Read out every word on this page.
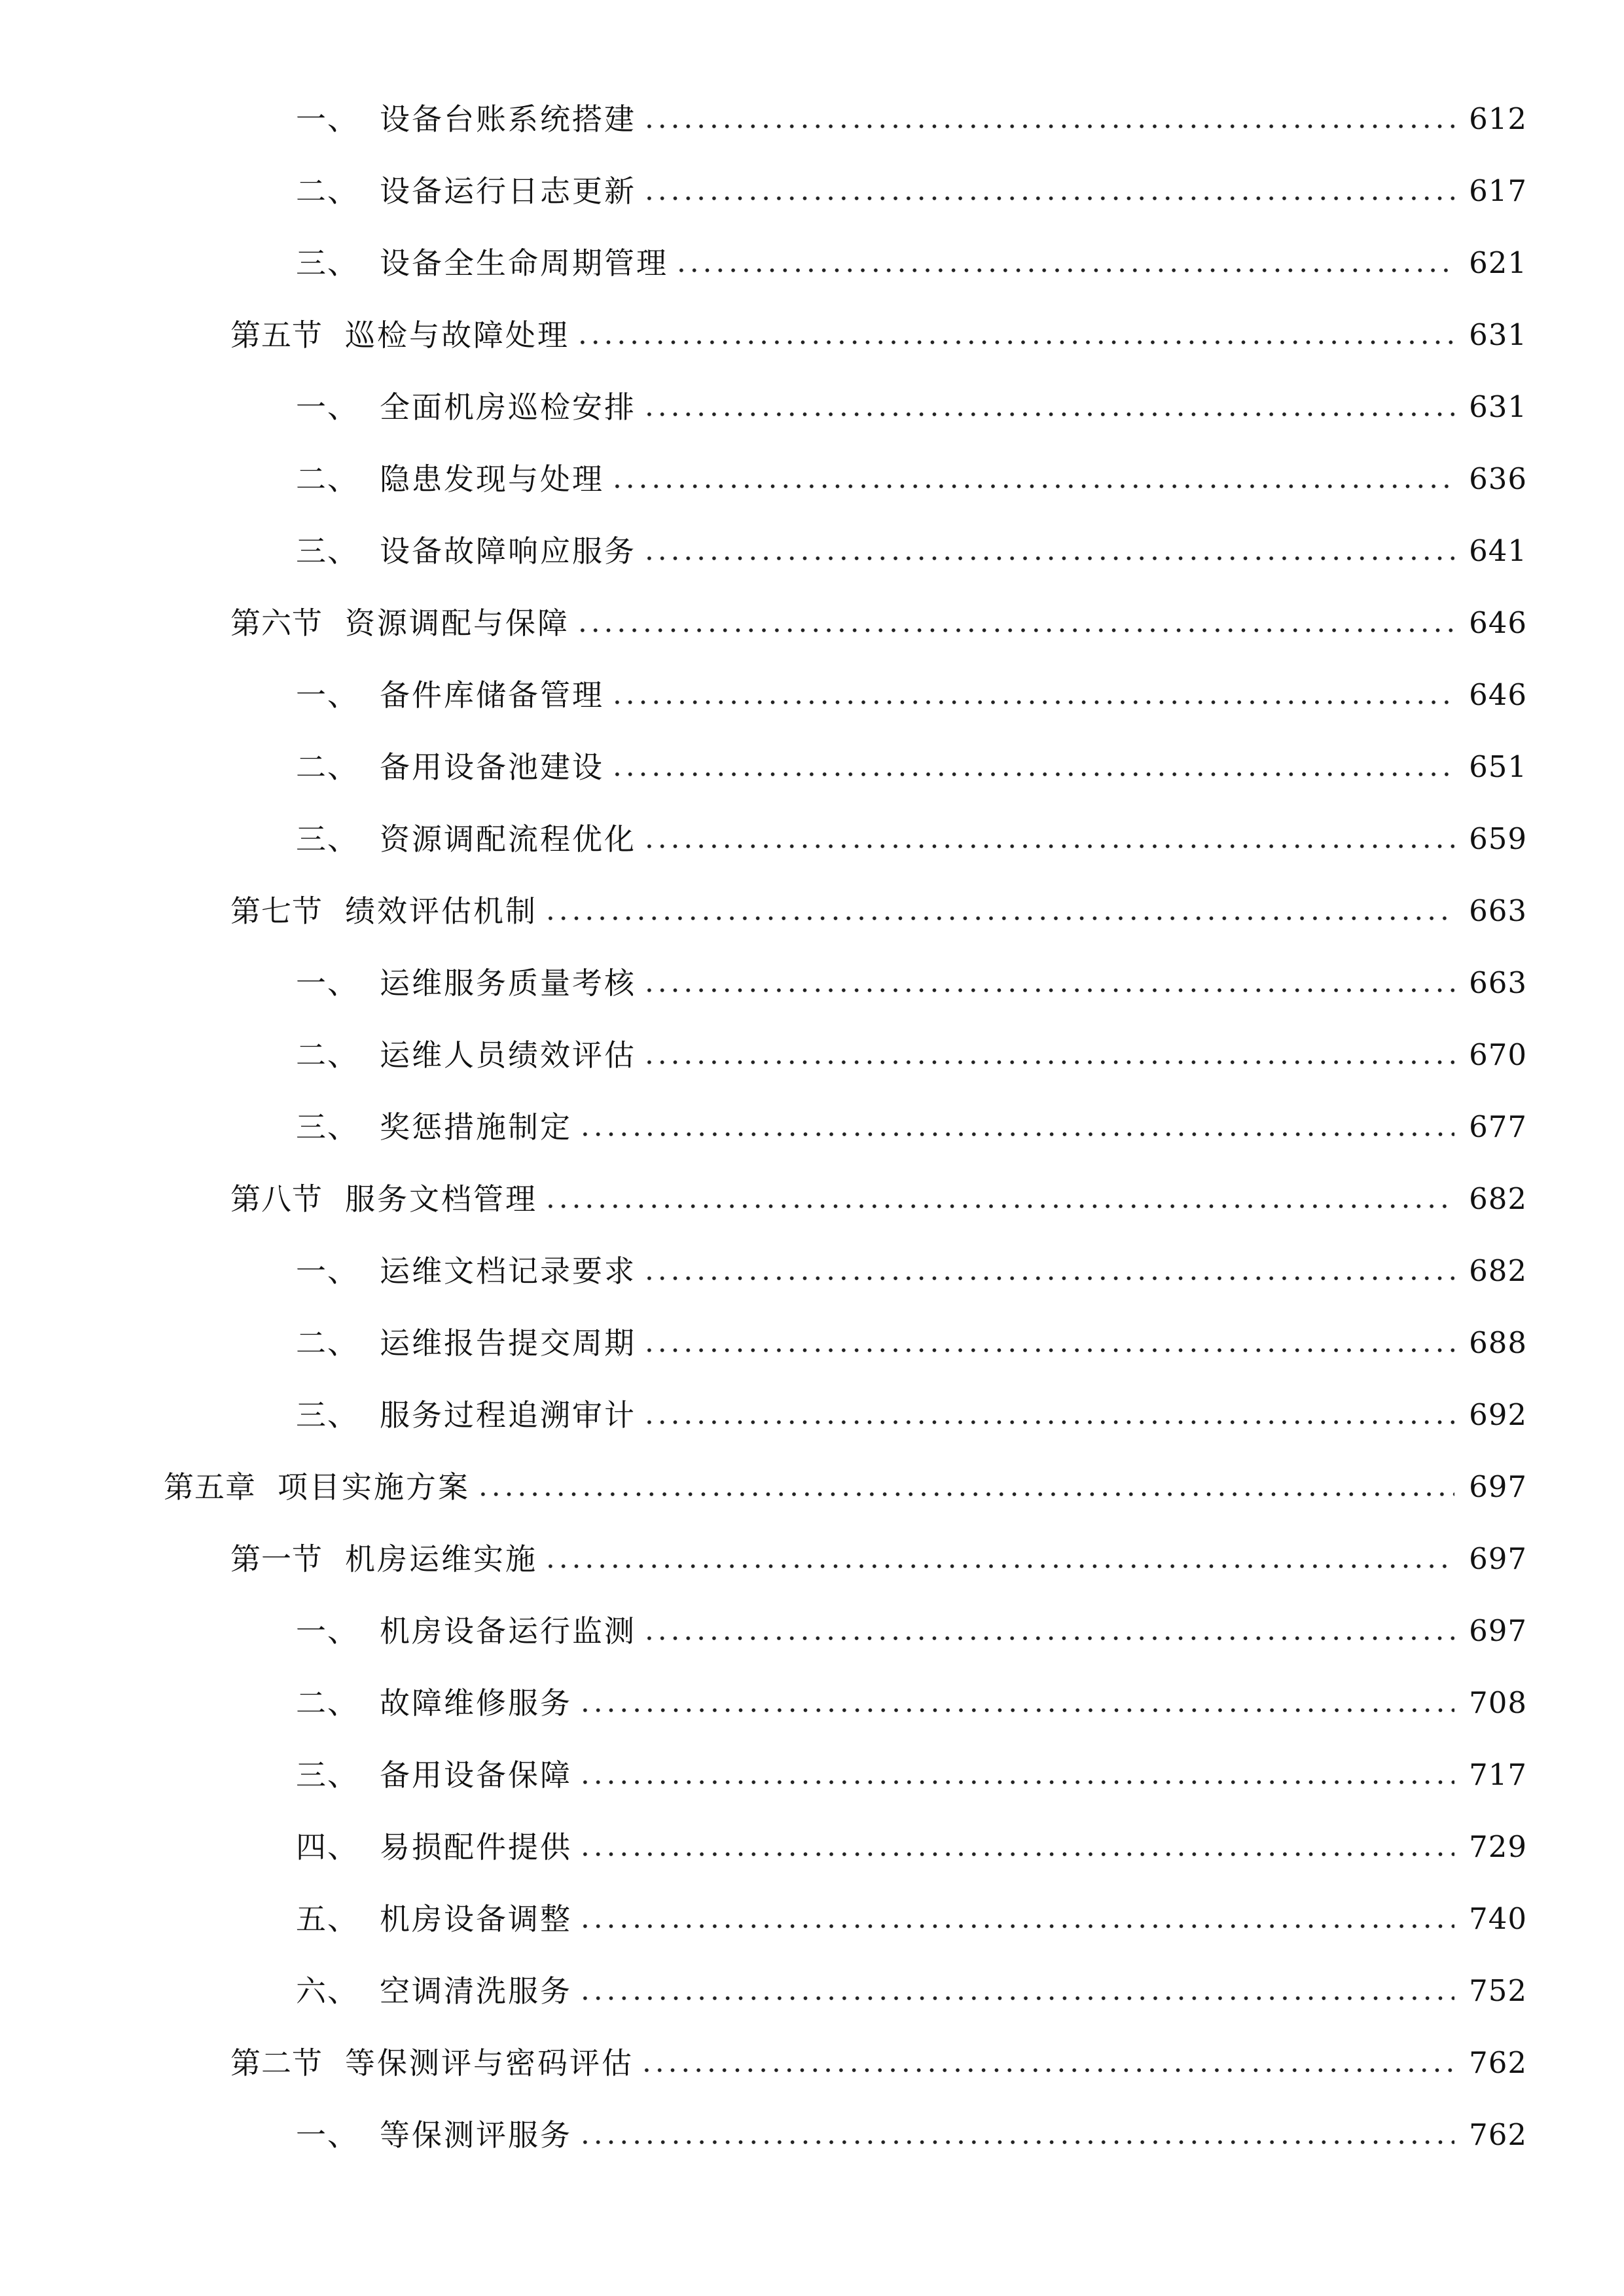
一、 设备台账系统搭建	612
二、 设备运行日志更新	617
三、 设备全生命周期管理	621
第五节 巡检与故障处理	631
一、 全面机房巡检安排	631
二、 隐患发现与处理	636
三、 设备故障响应服务	641
第六节 资源调配与保障	646
一、 备件库储备管理	646
二、 备用设备池建设	651
三、 资源调配流程优化	659
第七节 绩效评估机制	663
一、 运维服务质量考核	663
二、 运维人员绩效评估	670
三、 奖惩措施制定	677
第八节 服务文档管理	682
一、 运维文档记录要求	682
二、 运维报告提交周期	688
三、 服务过程追溯审计	692
第五章 项目实施方案	697
第一节 机房运维实施	697
一、 机房设备运行监测	697
二、 故障维修服务	708
三、 备用设备保障	717
四、 易损配件提供	729
五、 机房设备调整	740
六、 空调清洗服务	752
第二节 等保测评与密码评估	762
一、 等保测评服务	762
